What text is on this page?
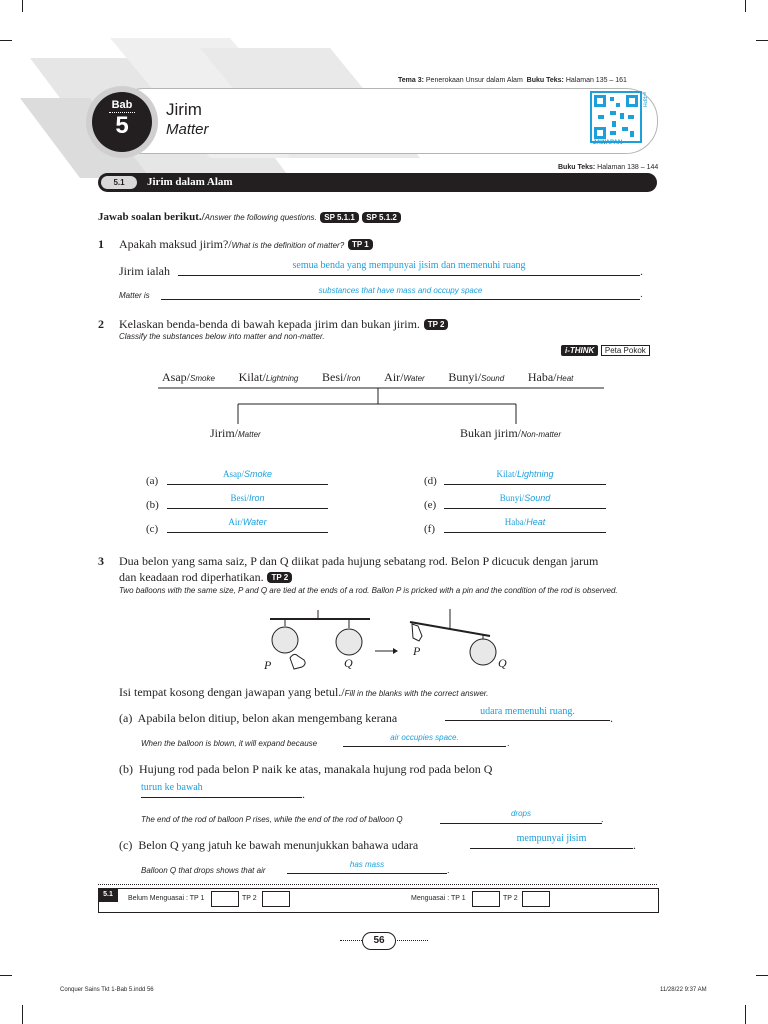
Tema 3: Penerokaan Unsur dalam Alam Buku Teks: Halaman 135 – 161
Bab
5
Jirim
Matter
e-RPH
JAWAPAN
Buku Teks: Halaman 138 – 144
5.1	Jirim dalam Alam
Jawab soalan berikut./Answer the following questions. SP 5.1.1 SP 5.1.2
1 Apakah maksud jirim?/What is the definition of matter? TP 1
Jirim ialah	.
semua benda yang mempunyai jisim dan memenuhi ruang
Matter is	.
substances that have mass and occupy space
2 Kelaskan benda-benda di bawah kepada jirim dan bukan jirim. TP 2
Classify the substances below into matter and non-matter.
i-THINK Peta Pokok
Asap/Smoke Kilat/Lightning Besi/Iron Air/Water Bunyi/Sound Haba/Heat
Jirim/Matter	Bukan jirim/Non-matter
(a)
Asap/Smoke
(b)
Besi/Iron
(c)
Air/Water
(d)
Kilat/Lightning
(e)
Bunyi/Sound
(f)
Haba/Heat
3 Dua belon yang sama saiz, P dan Q diikat pada hujung sebatang rod. Belon P dicucuk dengan jarum
dan keadaan rod diperhatikan. TP 2
Two balloons with the same size, P and Q are tied at the ends of a rod. Ballon P is pricked with a pin and the condition of the rod is observed.
P	Q
P
Q
Isi tempat kosong dengan jawapan yang betul./Fill in the blanks with the correct answer.
(a) Apabila belon ditiup, belon akan mengembang kerana	.
udara memenuhi ruang.
When the balloon is blown, it will expand because	.
air occupies space.
(b) Hujung rod pada belon P naik ke atas, manakala hujung rod pada belon Q
.
turun ke bawah
The end of the rod of balloon P rises, while the end of the rod of balloon Q	.
drops
(c) Belon Q yang jatuh ke bawah menunjukkan bahawa udara	.
mempunyai jisim
Balloon Q that drops shows that air	.
has mass
5.1
Belum Menguasai : TP 1	TP 2	Menguasai : TP 1	TP 2
56
Conquer Sains Tkt 1-Bab 5.indd 56	11/28/22 9:37 AM
